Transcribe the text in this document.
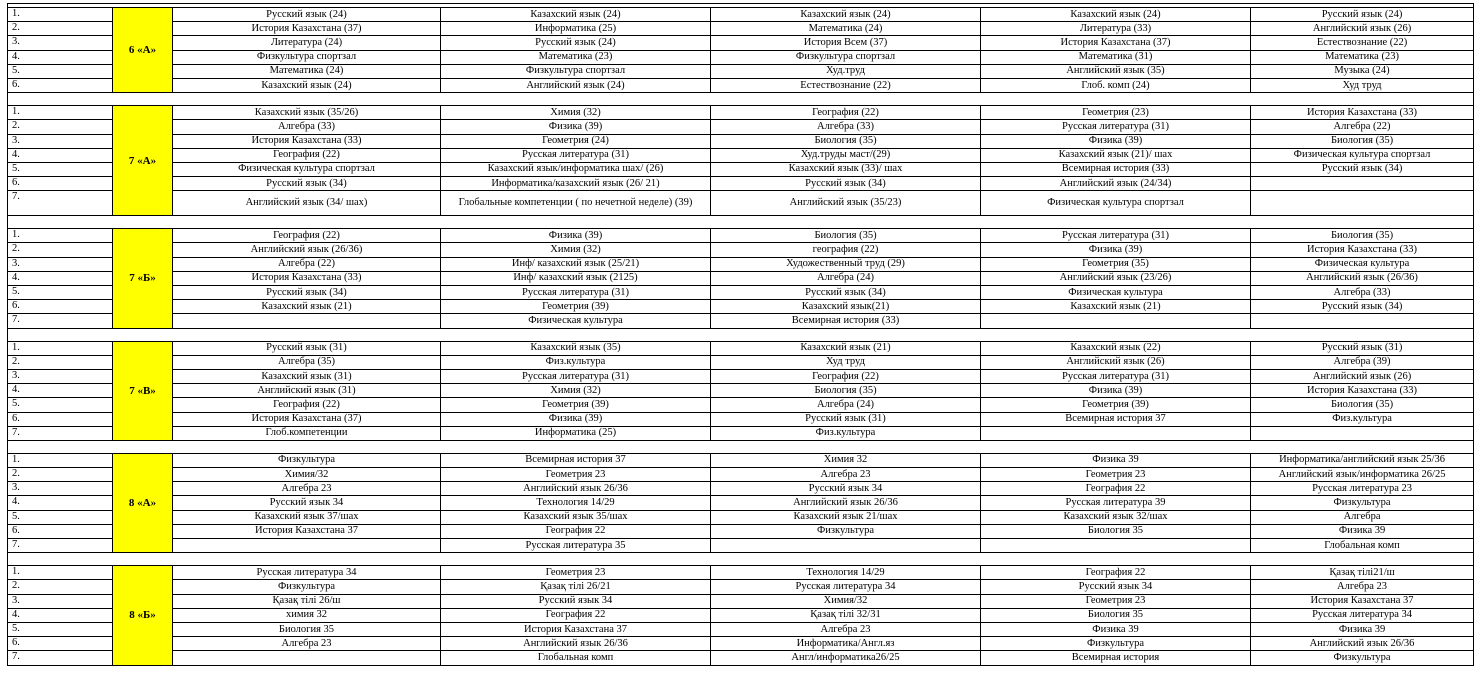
1.	6 «А»	Русский язык (24)	Казахский язык (24)	Казахский язык (24)	Казахский язык (24)	Русский язык (24)
2.		История Казахстана (37)	Информатика (25)	Математика (24)	Литература (33)	Английский язык (26)
3.		Литература (24)	Русский язык (24)	История Всем (37)	История Казахстана (37)	Естествознание (22)
4.		Физкультура спортзал	Математика (23)	Физкультура спортзал	Математика (31)	Математика (23)
5.		Математика (24)	Физкультура спортзал	Худ.труд	Английский язык (35)	Музыка (24)
6.		Казахский язык (24)	Английский язык (24)	Естествознание (22)	Глоб. комп (24)	Худ труд

1.	7 «А»	Казахский язык (35/26)	Химия (32)	География (22)	Геометрия (23)	История Казахстана (33)
2.		Алгебра (33)	Физика (39)	Алгебра (33)	Русская литература (31)	Алгебра (22)
3.		История Казахстана (33)	Геометрия (24)	Биология (35)	Физика (39)	Биология (35)
4.		География (22)	Русская литература (31)	Худ.труды маст/(29)	Казахский язык (21)/ шах	Физическая культура спортзал
5.		Физическая культура спортзал	Казахский язык/информатика шах/ (26)	Казахский язык (33)/ шах	Всемирная история (33)	Русский язык (34)
6.		Русский язык (34)	Информатика/казахский язык (26/ 21)	Русский язык (34)	Английский язык (24/34)	
7.		Английский язык (34/ шах)	Глобальные компетенции ( по нечетной неделе) (39)	Английский язык (35/23)	Физическая культура спортзал	

1.	7 «Б»	География (22)	Физика (39)	Биология (35)	Русская литература (31)	Биология (35)
2.		Английский язык (26/36)	Химия (32)	география (22)	Физика (39)	История Казахстана (33)
3.		Алгебра (22)	Инф/ казахский язык (25/21)	Художественный труд (29)	Геометрия (35)	Физическая культура
4.		История Казахстана (33)	Инф/ казахский язык (2125)	Алгебра (24)	Английский язык (23/26)	Английский язык (26/36)
5.		Русский язык (34)	Русская литература (31)	Русский язык (34)	Физическая культура	Алгебра (33)
6.		Казахский язык (21)	Геометрия (39)	Казахский язык(21)	Казахский язык (21)	Русский язык (34)
7.			Физическая культура	Всемирная история (33)		

1.	7 «В»	Русский язык (31)	Казахский язык (35)	Казахский язык (21)	Казахский язык (22)	Русский язык (31)
2.		Алгебра (35)	Физ.культура	Худ труд	Английский язык (26)	Алгебра (39)
3.		Казахский язык (31)	Русская литература (31)	География (22)	Русская литература (31)	Английский язык (26)
4.		Английский язык (31)	Химия (32)	Биология (35)	Физика (39)	История Казахстана (33)
5.		География (22)	Геометрия (39)	Алгебра (24)	Геометрия (39)	Биология (35)
6.		История Казахстана (37)	Физика (39)	Русский язык (31)	Всемирная история 37	Физ.культура
7.		Глоб.компетенции	Информатика (25)	Физ.культура		

1.	8 «А»	Физкультура	Всемирная история 37	Химия 32	Физика 39	Информатика/английский язык 25/36
2.		Химия/32	Геометрия 23	Алгебра 23	Геометрия 23	Английский язык/информатика 26/25
3.		Алгебра 23	Английский язык 26/36	Русский язык 34	География 22	Русская литература 23
4.		Русский язык 34	Технология 14/29	Английский язык 26/36	Русская литература 39	Физкультура
5.		Казахский язык 37/шах	Казахский язык 35/шах	Казахский язык 21/шах	Казахский язык 32/шах	Алгебра
6.		История Казахстана 37	География 22	Физкультура	Биология 35	Физика 39
7.			Русская литература 35			Глобальная комп

1.	8 «Б»	Русская литература 34	Геометрия 23	Технология 14/29	География 22	Қазақ тілі21/ш
2.		Физкультура	Қазақ тілі 26/21	Русская литература 34	Русский язык 34	Алгебра 23
3.		Қазақ тілі 26/ш	Русский язык 34	Химия/32	Геометрия 23	История Казахстана 37
4.		химия 32	География 22	Қазақ тілі 32/31	Биология 35	Русская литература 34
5.		Биология 35	История Казахстана 37	Алгебра 23	Физика 39	Физика 39
6.		Алгебра 23	Английский язык 26/36	Информатика/Англ.яз	Физкультура	Английский язык 26/36
7.			Глобальная комп	Англ/информатика26/25	Всемирная история	Физкультура
